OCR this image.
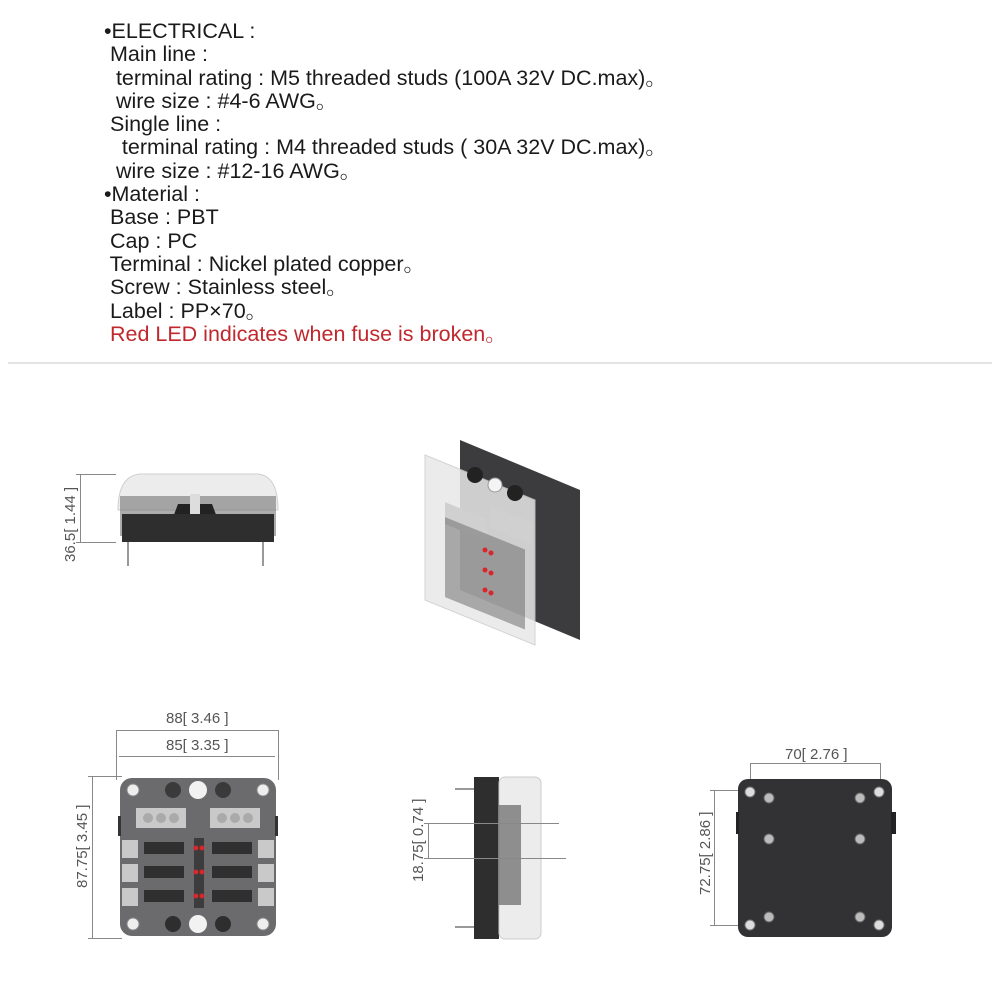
•ELECTRICAL :
Main line :
terminal rating : M5 threaded studs (100A 32V DC.max)。
wire size : #4-6 AWG。
Single line :
terminal rating : M4 threaded studs ( 30A 32V DC.max)。
wire size : #12-16 AWG。
•Material :
Base : PBT
Cap : PC
Terminal : Nickel plated copper。
Screw : Stainless steel。
Label : PP×70。
Red LED indicates when fuse is broken。
36.5[ 1.44 ]
88[ 3.46 ]
85[ 3.35 ]
87.75[ 3.45 ]	18.75[ 0.74 ]
70[ 2.76 ]
72.75[ 2.86 ]
